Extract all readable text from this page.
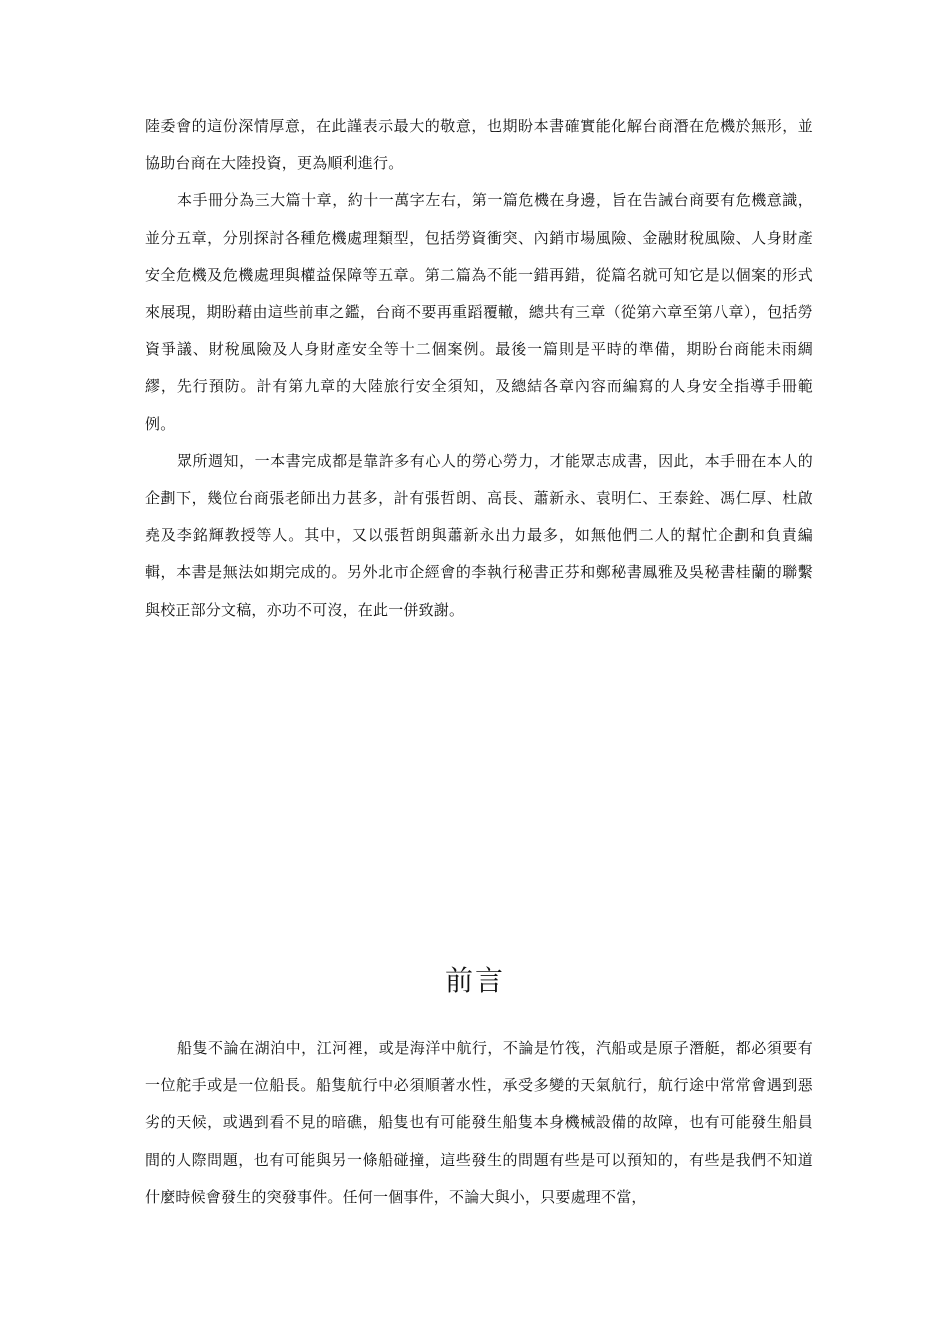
陸委會的這份深情厚意，在此謹表示最大的敬意，也期盼本書確實能化解台商潛在危機於無形，並協助台商在大陸投資，更為順利進行。

本手冊分為三大篇十章，約十一萬字左右，第一篇危機在身邊，旨在告誡台商要有危機意識，並分五章，分別探討各種危機處理類型，包括勞資衝突、內銷市場風險、金融財稅風險、人身財產安全危機及危機處理與權益保障等五章。第二篇為不能一錯再錯，從篇名就可知它是以個案的形式來展現，期盼藉由這些前車之鑑，台商不要再重蹈覆轍，總共有三章（從第六章至第八章），包括勞資爭議、財稅風險及人身財產安全等十二個案例。最後一篇則是平時的準備，期盼台商能未雨綢繆，先行預防。計有第九章的大陸旅行安全須知，及總結各章內容而編寫的人身安全指導手冊範例。

眾所週知，一本書完成都是靠許多有心人的勞心勞力，才能眾志成書，因此，本手冊在本人的企劃下，幾位台商張老師出力甚多，計有張哲朗、高長、蕭新永、袁明仁、王泰銓、馮仁厚、杜啟堯及李銘輝教授等人。其中，又以張哲朗與蕭新永出力最多，如無他們二人的幫忙企劃和負責編輯，本書是無法如期完成的。另外北市企經會的李執行秘書正芬和鄭秘書鳳雅及吳秘書桂蘭的聯繫與校正部分文稿，亦功不可沒，在此一併致謝。

前言

船隻不論在湖泊中，江河裡，或是海洋中航行，不論是竹筏，汽船或是原子潛艇，都必須要有一位舵手或是一位船長。船隻航行中必須順著水性，承受多變的天氣航行，航行途中常常會遇到惡劣的天候，或遇到看不見的暗礁，船隻也有可能發生船隻本身機械設備的故障，也有可能發生船員間的人際問題，也有可能與另一條船碰撞，這些發生的問題有些是可以預知的，有些是我們不知道什麼時候會發生的突發事件。任何一個事件，不論大與小，只要處理不當，
